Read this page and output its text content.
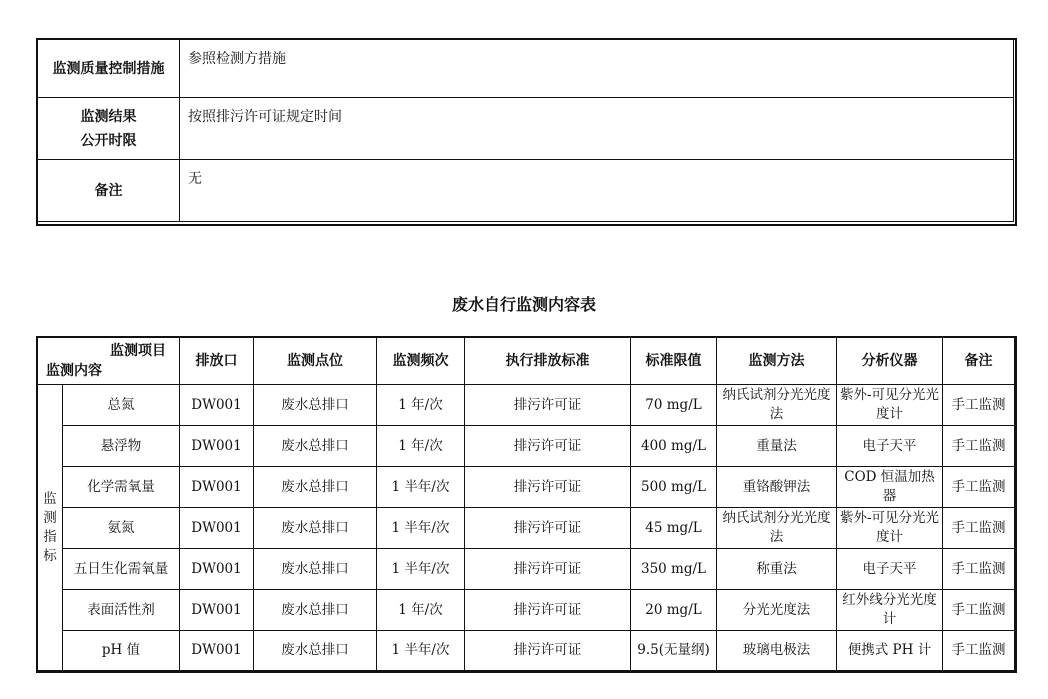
监测质量控制措施	参照检测方措施

监测结果
公开时限	按照排污许可证规定时间
备注	无
废水自行监测内容表
监测项目
监测内容		排放口	监测点位	监测频次	执行排放标准	标准限值	监测方法	分析仪器	备注

监
测
指
标	总氮	DW001	废水总排口	1 年/次	排污许可证	70 mg/L	纳氏试剂分光光度法	紫外-可见分光光度计	手工监测
	悬浮物	DW001	废水总排口	1 年/次	排污许可证	400 mg/L	重量法	电子天平	手工监测
	化学需氧量	DW001	废水总排口	1 半年/次	排污许可证	500 mg/L	重铬酸钾法	COD 恒温加热器	手工监测
	氨氮	DW001	废水总排口	1 半年/次	排污许可证	45 mg/L	纳氏试剂分光光度法	紫外-可见分光光度计	手工监测
	五日生化需氧量	DW001	废水总排口	1 半年/次	排污许可证	350 mg/L	称重法	电子天平	手工监测
	表面活性剂	DW001	废水总排口	1 年/次	排污许可证	20 mg/L	分光光度法	红外线分光光度计	手工监测
	pH 值	DW001	废水总排口	1 半年/次	排污许可证	9.5(无量纲)	玻璃电极法	便携式 PH 计	手工监测
